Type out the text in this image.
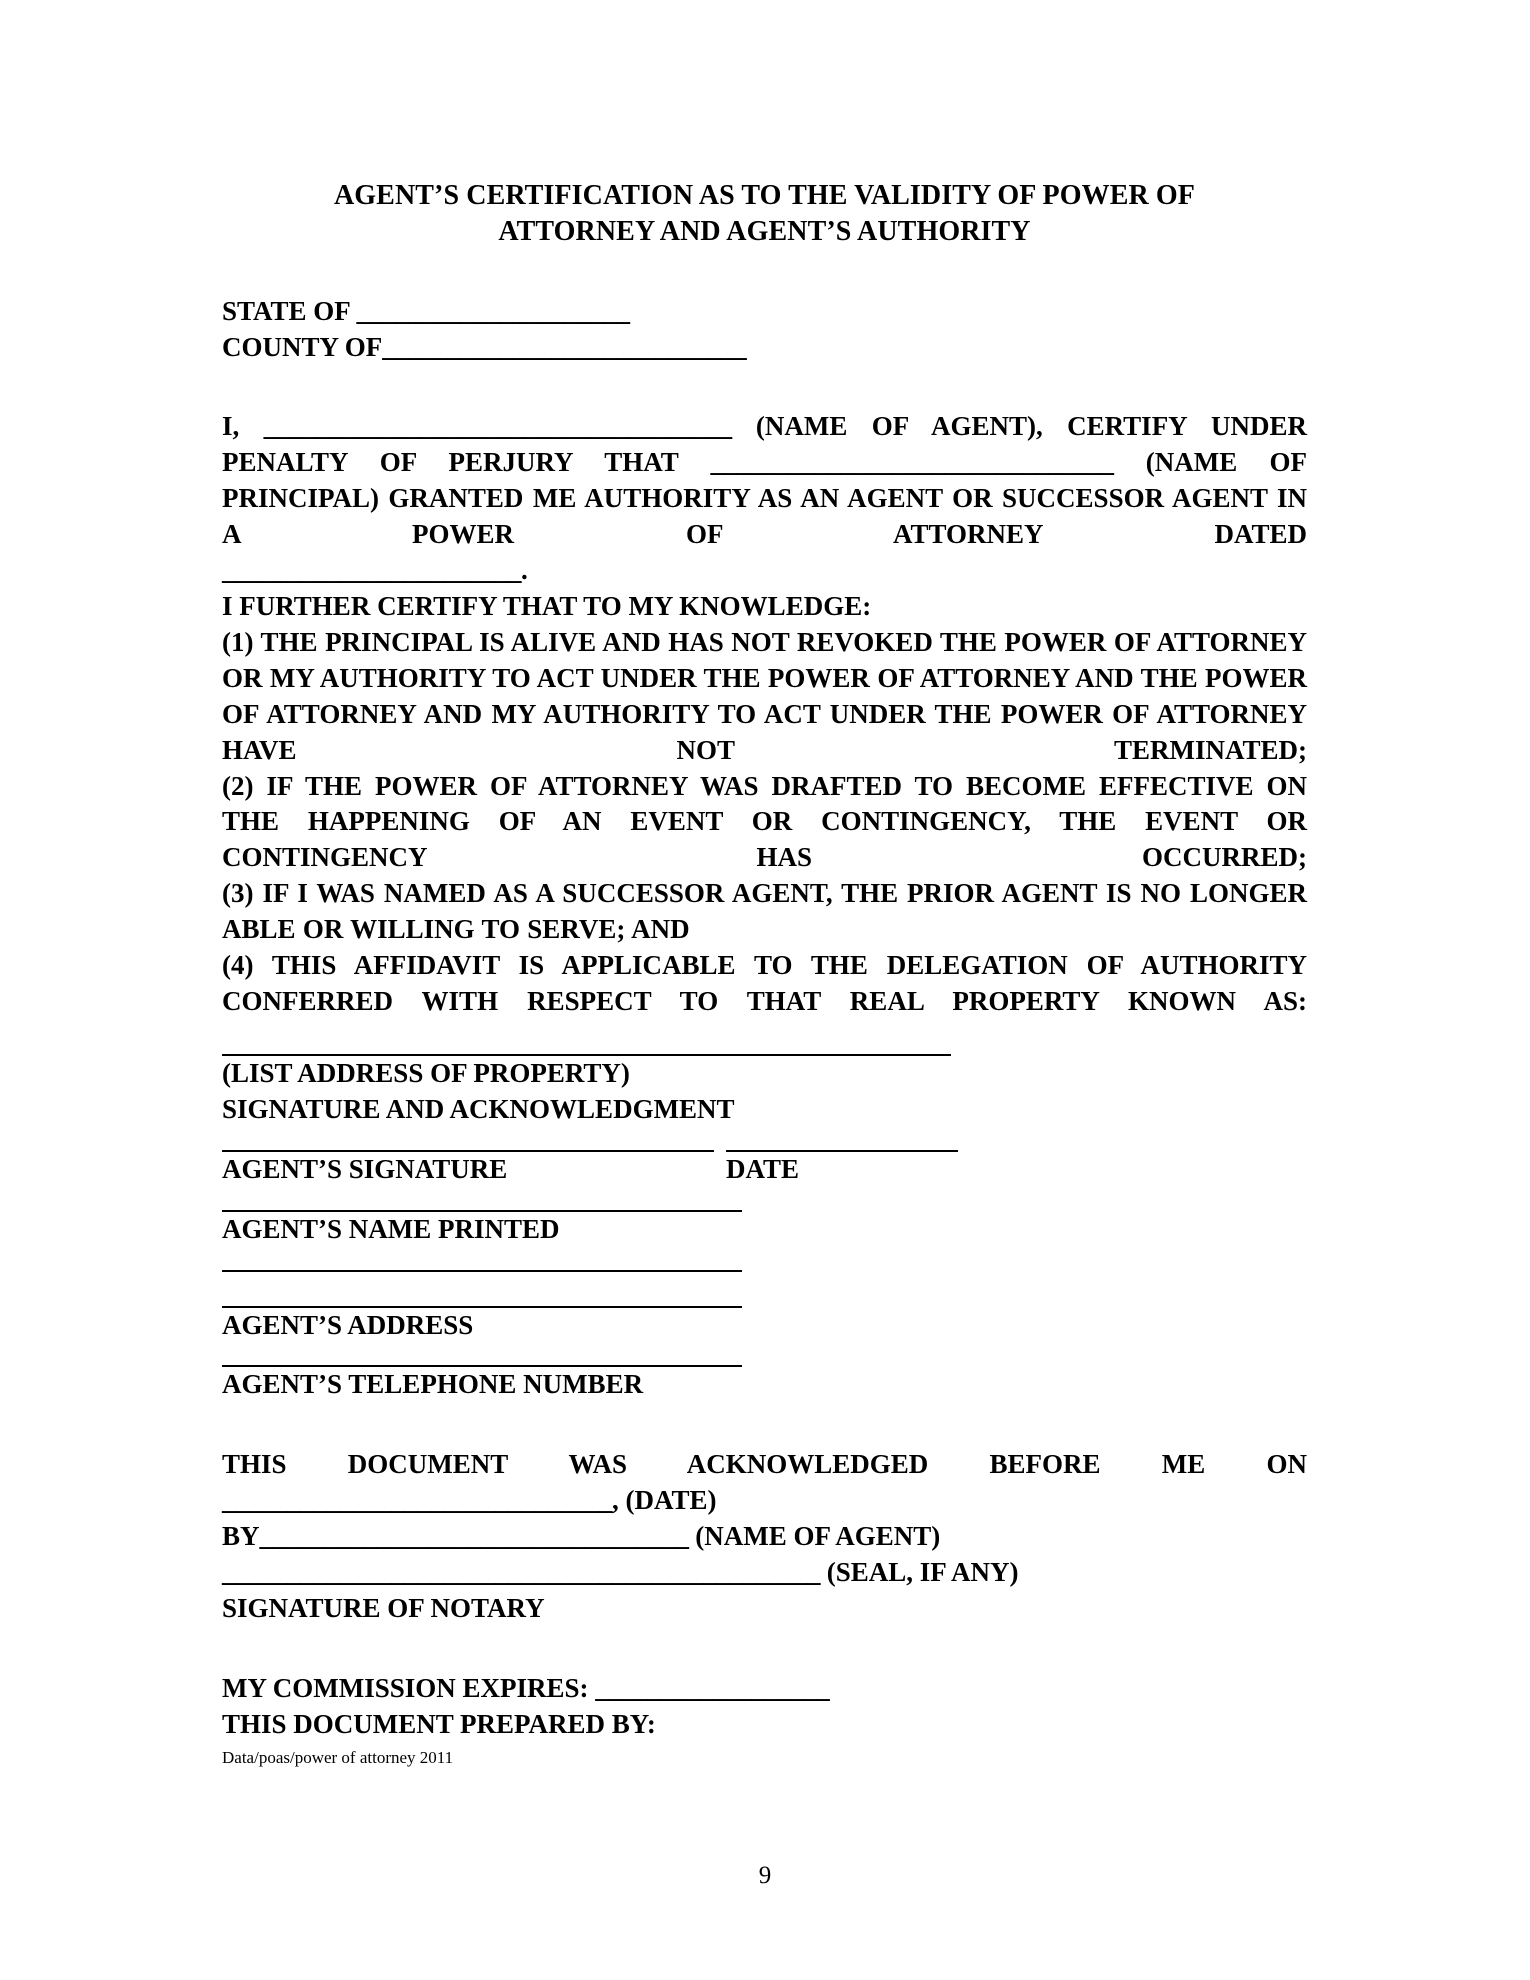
AGENT’S CERTIFICATION AS TO THE VALIDITY OF POWER OF
ATTORNEY AND AGENT’S AUTHORITY

STATE OF _____________________

COUNTY OF____________________________

I, ____________________________________ (NAME OF AGENT), CERTIFY UNDER PENALTY OF PERJURY THAT _______________________________ (NAME OF PRINCIPAL) GRANTED ME AUTHORITY AS AN AGENT OR SUCCESSOR AGENT IN A POWER OF ATTORNEY DATED

_______________________.

I FURTHER CERTIFY THAT TO MY KNOWLEDGE:

(1) THE PRINCIPAL IS ALIVE AND HAS NOT REVOKED THE POWER OF ATTORNEY OR MY AUTHORITY TO ACT UNDER THE POWER OF ATTORNEY AND THE POWER OF ATTORNEY AND MY AUTHORITY TO ACT UNDER THE POWER OF ATTORNEY HAVE NOT TERMINATED;

(2) IF THE POWER OF ATTORNEY WAS DRAFTED TO BECOME EFFECTIVE ON THE HAPPENING OF AN EVENT OR CONTINGENCY, THE EVENT OR CONTINGENCY HAS OCCURRED;

(3) IF I WAS NAMED AS A SUCCESSOR AGENT, THE PRIOR AGENT IS NO LONGER ABLE OR WILLING TO SERVE; AND

(4) THIS AFFIDAVIT IS APPLICABLE TO THE DELEGATION OF AUTHORITY CONFERRED WITH RESPECT TO THAT REAL PROPERTY KNOWN AS:

(LIST ADDRESS OF PROPERTY)

SIGNATURE AND ACKNOWLEDGMENT

AGENT’S SIGNATURE	DATE

AGENT’S NAME PRINTED

AGENT’S ADDRESS

AGENT’S TELEPHONE NUMBER

THIS DOCUMENT WAS ACKNOWLEDGED BEFORE ME ON

______________________________, (DATE)

BY_________________________________ (NAME OF AGENT)

______________________________________________ (SEAL, IF ANY)

SIGNATURE OF NOTARY

MY COMMISSION EXPIRES: __________________

THIS DOCUMENT PREPARED BY:

Data/poas/power of attorney 2011

9
